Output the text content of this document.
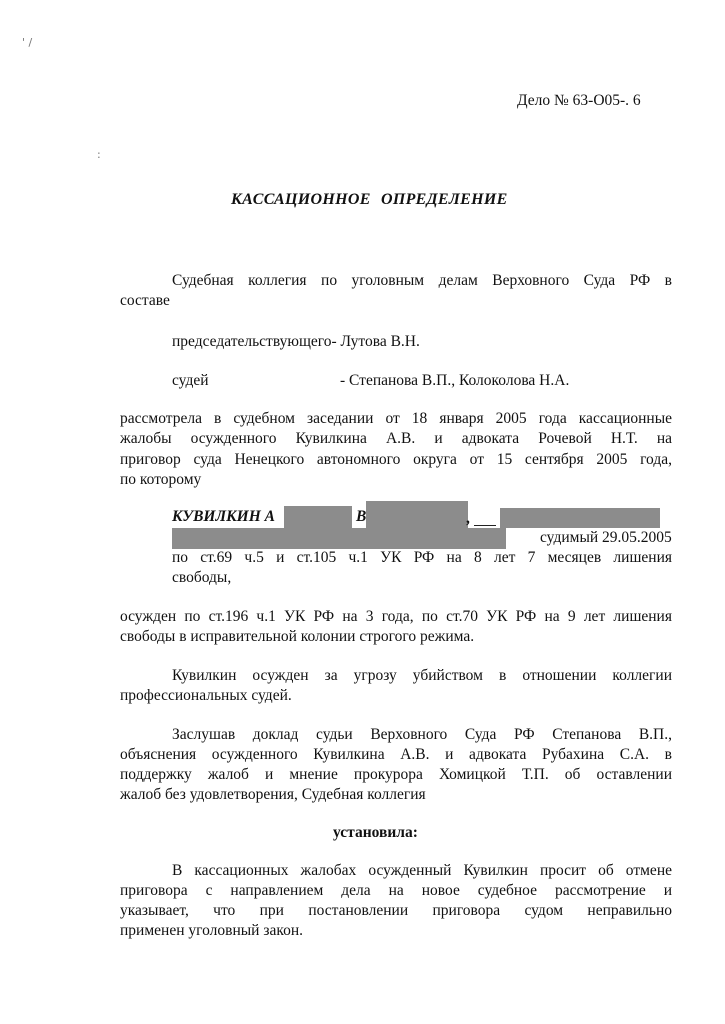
' /
:
Дело № 63-О05-. 6
КАССАЦИОННОЕ ОПРЕДЕЛЕНИЕ
Судебная коллегия по уголовным делам Верховного Суда РФ в
составе
председательствующего- Лутова В.Н.
судей	- Степанова В.П., Колоколова Н.А.
рассмотрела в судебном заседании от 18 января 2005 года кассационные
жалобы осужденного Кувилкина А.В. и адвоката Рочевой Н.Т. на
приговор суда Ненецкого автономного округа от 15 сентября 2005 года,
по которому
КУВИЛКИН А	В	,
судимый 29.05.2005
по ст.69 ч.5 и ст.105 ч.1 УК РФ на 8 лет 7 месяцев лишения
свободы,
осужден по ст.196 ч.1 УК РФ на 3 года, по ст.70 УК РФ на 9 лет лишения
свободы в исправительной колонии строгого режима.
Кувилкин осужден за угрозу убийством в отношении коллегии
профессиональных судей.
Заслушав доклад судьи Верховного Суда РФ Степанова В.П.,
объяснения осужденного Кувилкина А.В. и адвоката Рубахина С.А. в
поддержку жалоб и мнение прокурора Хомицкой Т.П. об оставлении
жалоб без удовлетворения, Судебная коллегия
установила:
В кассационных жалобах осужденный Кувилкин просит об отмене
приговора с направлением дела на новое судебное рассмотрение и
указывает, что при постановлении приговора судом неправильно
применен уголовный закон.
